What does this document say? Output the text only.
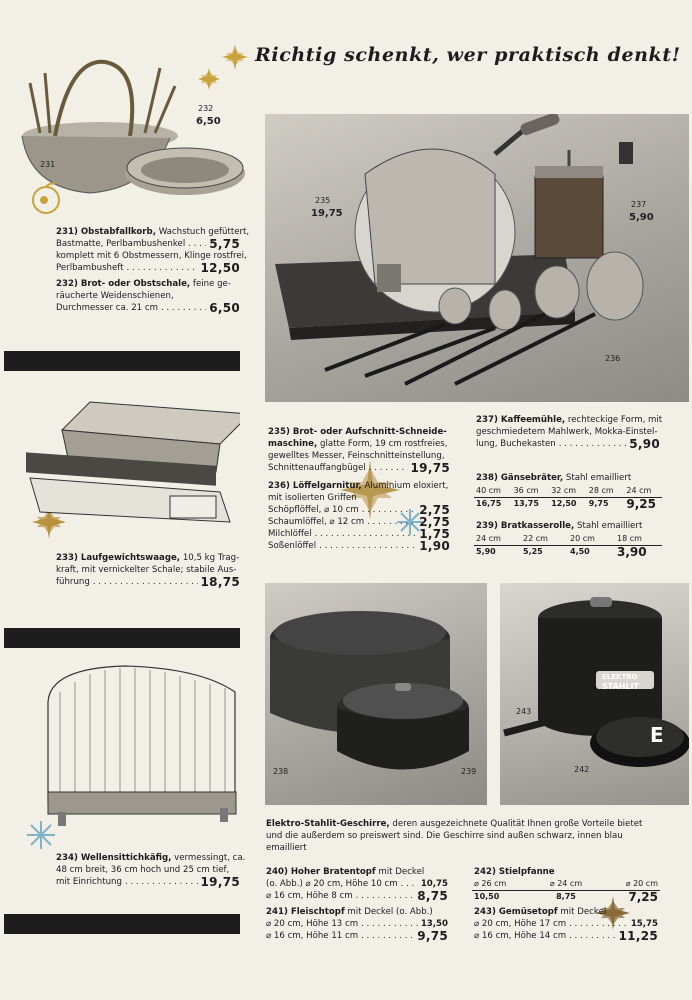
Richtig schenkt, wer praktisch denkt!
231
232
6,50
231) Obstabfallkorb, Wachstuch gefüttert,
Bastmatte, Perlbambushenkel . . . 5,75
komplett mit 6 Obstmessern, Klinge rostfrei,
Perlbambusheft . . .	12,50
232) Brot- oder Obstschale, feine ge-
räucherte Weidenschienen,
Durchmesser ca. 21 cm . . .	6,50
233) Laufgewichtswaage, 10,5 kg Trag-
kraft, mit vernickelter Schale; stabile Aus-
führung . . .	18,75
234) Wellensittichkäfig, vermessingt, ca.
48 cm breit, 36 cm hoch und 25 cm tief,
mit Einrichtung . . .	19,75
235
19,75
237
5,90
236
235) Brot- oder Aufschnitt-Schneide-
maschine, glatte Form, 19 cm rostfreies,
gewelltes Messer, Feinschnitteinstellung,
Schnittenauffangbügel . . .	19,75
236) Löffelgarnitur, Aluminium eloxiert,
mit isolierten Griffen
Schöpflöffel, ⌀ 10 cm . . .	2,75
Schaumlöffel, ⌀ 12 cm . . .	2,75
Milchlöffel . . .	1,75
Soßenlöffel . . .	1,90
237) Kaffeemühle, rechteckige Form, mit
geschmiedetem Mahlwerk, Mokka-Einstel-
lung, Buchekasten . . .	5,90
238) Gänsebräter, Stahl emailliert
40 cm	36 cm	32 cm	28 cm	24 cm
16,75	13,75	12,50	9,75	9,25
239) Bratkasserolle, Stahl emailliert
24 cm	22 cm	20 cm	18 cm
5,90	5,25	4,50	3,90
238	239
ELEKTRO
STAHLIT
E
243
242
Elektro-Stahlit-Geschirre, deren ausgezeichnete Qualität Ihnen große Vorteile bietet
und die außerdem so preiswert sind. Die Geschirre sind außen schwarz, innen blau
emailliert
240) Hoher Bratentopf mit Deckel
(o. Abb.) ⌀ 20 cm, Höhe 10 cm . . .	10,75
⌀ 16 cm, Höhe 8 cm . . .	8,75
241) Fleischtopf mit Deckel (o. Abb.)
⌀ 20 cm, Höhe 13 cm . . .	13,50
⌀ 16 cm, Höhe 11 cm . . .	9,75
242) Stielpfanne
⌀ 26 cm	⌀ 24 cm	⌀ 20 cm
10,50	8,75	7,25
243) Gemüsetopf mit Deckel
⌀ 20 cm, Höhe 17 cm . . .	15,75
⌀ 16 cm, Höhe 14 cm . . .	11,25
